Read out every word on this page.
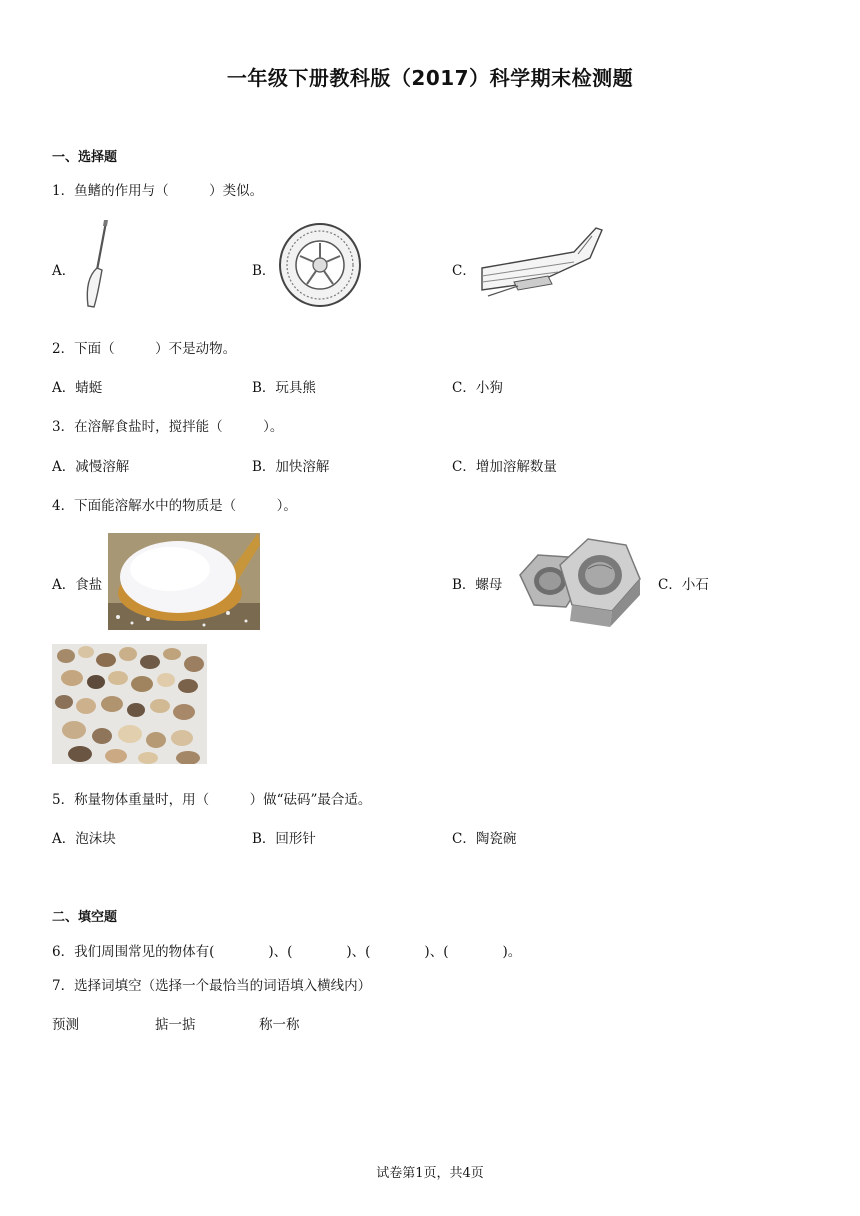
一年级下册教科版（2017）科学期末检测题
一、选择题
1．鱼鳍的作用与（　　　）类似。
A．	B．	C．
2．下面（　　　）不是动物。
A．蜻蜓	B．玩具熊	C．小狗
3．在溶解食盐时，搅拌能（　　　）。
A．减慢溶解	B．加快溶解	C．增加溶解数量
4．下面能溶解水中的物质是（　　　）。
A．食盐	B．螺母	C．小石
5．称量物体重量时，用（　　　）做“砝码”最合适。
A．泡沫块	B．回形针	C．陶瓷碗
二、填空题
6．我们周围常见的物体有(　　　　)、(　　　　)、(　　　　)、(　　　　)。
7．选择词填空（选择一个最恰当的词语填入横线内）
预测	掂一掂	称一称
试卷第1页，共4页
